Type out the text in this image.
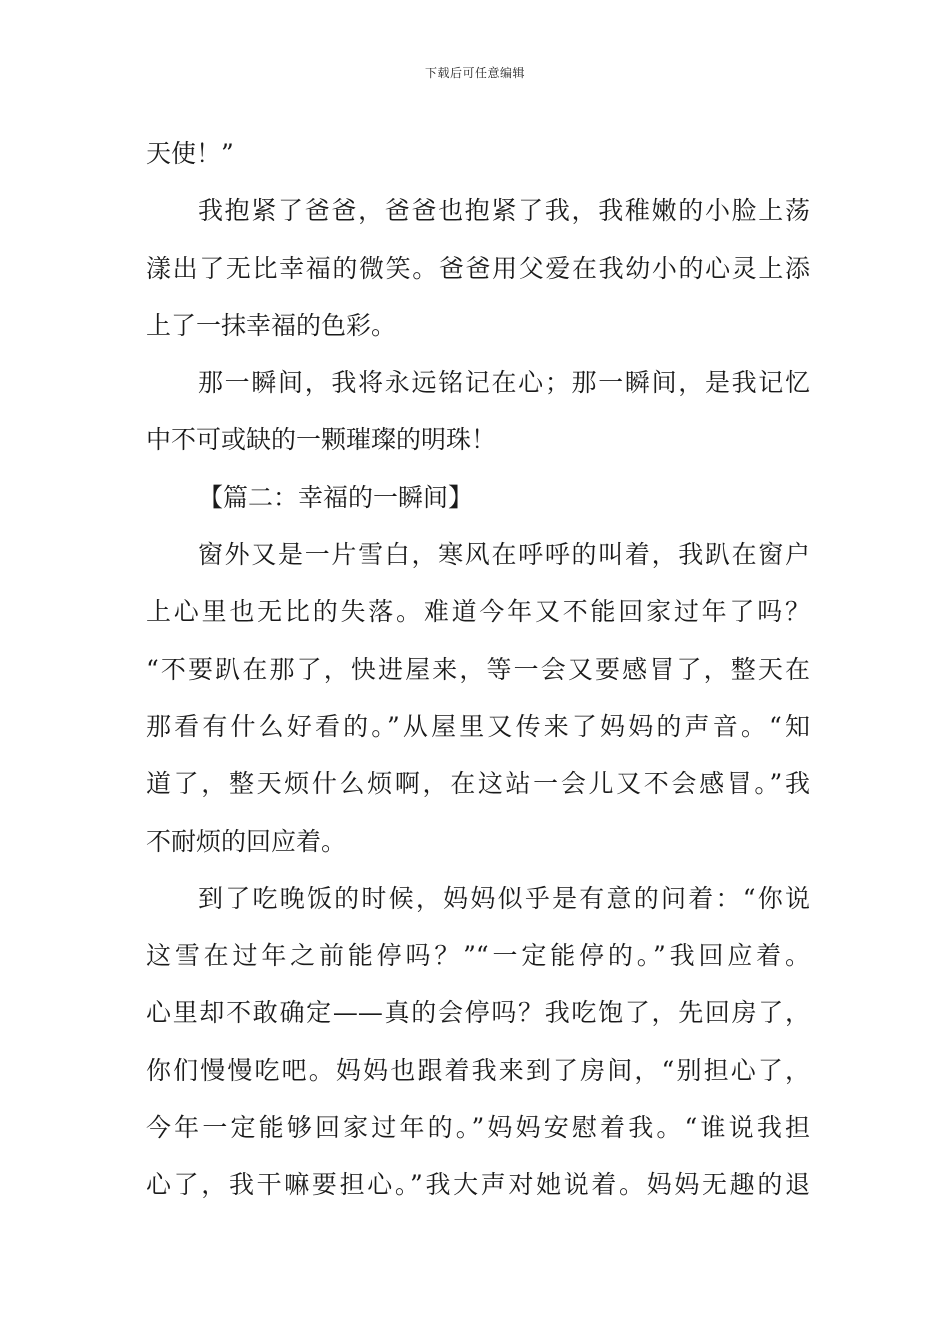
下载后可任意编辑
天使！”
我抱紧了爸爸，爸爸也抱紧了我，我稚嫩的小脸上荡
漾出了无比幸福的微笑。爸爸用父爱在我幼小的心灵上添
上了一抹幸福的色彩。
那一瞬间，我将永远铭记在心；那一瞬间，是我记忆
中不可或缺的一颗璀璨的明珠！
【篇二：幸福的一瞬间】
窗外又是一片雪白，寒风在呼呼的叫着，我趴在窗户
上心里也无比的失落。难道今年又不能回家过年了吗？
“不要趴在那了，快进屋来，等一会又要感冒了，整天在
那看有什么好看的。”从屋里又传来了妈妈的声音。“知
道了，整天烦什么烦啊，在这站一会儿又不会感冒。”我
不耐烦的回应着。
到了吃晚饭的时候，妈妈似乎是有意的问着：“你说
这雪在过年之前能停吗？”“一定能停的。”我回应着。
心里却不敢确定——真的会停吗？我吃饱了，先回房了，
你们慢慢吃吧。妈妈也跟着我来到了房间，“别担心了，
今年一定能够回家过年的。”妈妈安慰着我。“谁说我担
心了，我干嘛要担心。”我大声对她说着。妈妈无趣的退
